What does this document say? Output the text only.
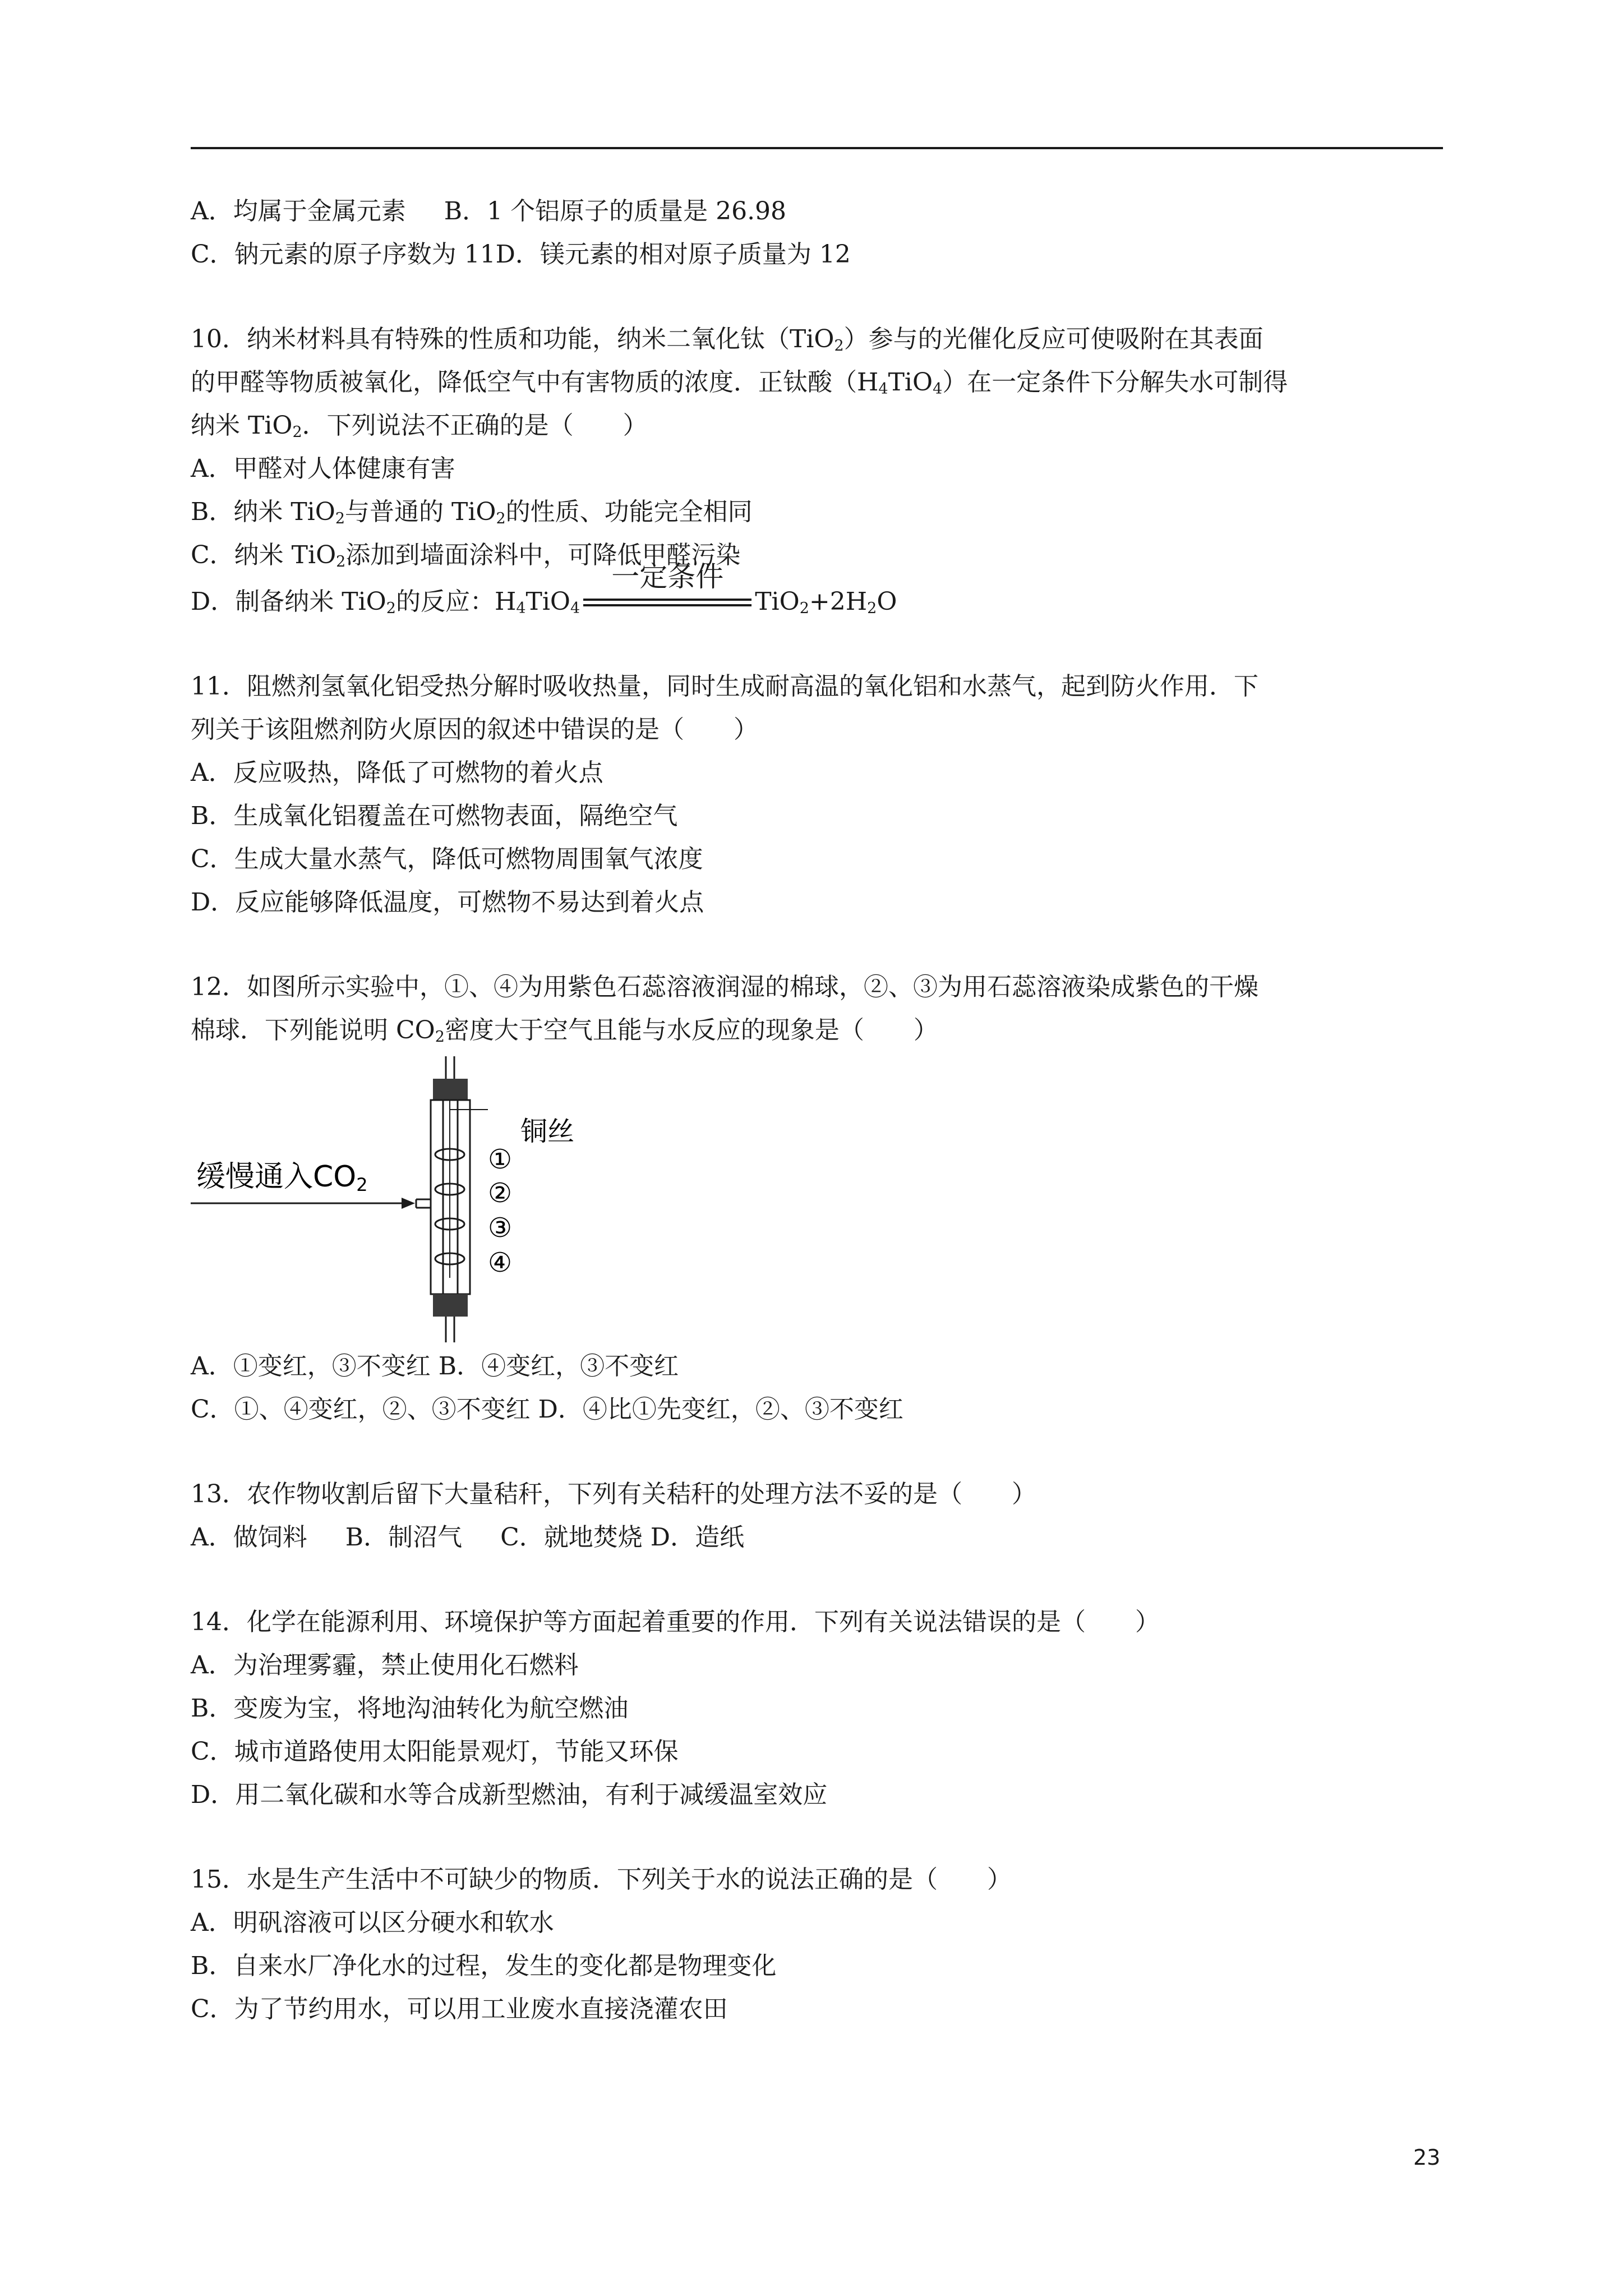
A．均属于金属元素 B．1 个铝原子的质量是 26.98
C．钠元素的原子序数为 11D．镁元素的相对原子质量为 12
10．纳米材料具有特殊的性质和功能，纳米二氧化钛（TiO$_2$）参与的光催化反应可使吸附在其表面
的甲醛等物质被氧化，降低空气中有害物质的浓度．正钛酸$(H_4TiO_4)$在一定条件下分解失水可制得
纳米 TiO$_2$．下列说法不正确的是（　　）
A．甲醛对人体健康有害
B．纳米 TiO$_2$与普通的 TiO$_2$的性质、功能完全相同
C．纳米 TiO$_2$添加到墙面涂料中，可降低甲醛污染
D．制备纳米 TiO$_2$的反应：$H_4TiO_4$
一定条件
$TiO_2+2H_2O$
11．阻燃剂氢氧化铝受热分解时吸收热量，同时生成耐高温的氧化铝和水蒸气，起到防火作用．下
列关于该阻燃剂防火原因的叙述中错误的是（　　）
A．反应吸热，降低了可燃物的着火点
B．生成氧化铝覆盖在可燃物表面，隔绝空气
C．生成大量水蒸气，降低可燃物周围氧气浓度
D．反应能够降低温度，可燃物不易达到着火点
12．如图所示实验中，①、④为用紫色石蕊溶液润湿的棉球，②、③为用石蕊溶液染成紫色的干燥
棉球．下列能说明 $CO_2$密度大于空气且能与水反应的现象是（　　）
①
②
③
④
铜丝
缓慢通入CO2
A．①变红，③不变红 B．④变红，③不变红
C．①、④变红，②、③不变红 D．④比①先变红，②、③不变红
13．农作物收割后留下大量秸秆，下列有关秸秆的处理方法不妥的是（　　）
A．做饲料 B．制沼气 C．就地焚烧 D．造纸
14．化学在能源利用、环境保护等方面起着重要的作用．下列有关说法错误的是（　　）
A．为治理雾霾，禁止使用化石燃料
B．变废为宝，将地沟油转化为航空燃油
C．城市道路使用太阳能景观灯，节能又环保
D．用二氧化碳和水等合成新型燃油，有利于减缓温室效应
15．水是生产生活中不可缺少的物质．下列关于水的说法正确的是（　　）
A．明矾溶液可以区分硬水和软水
B．自来水厂净化水的过程，发生的变化都是物理变化
C．为了节约用水，可以用工业废水直接浇灌农田
23
